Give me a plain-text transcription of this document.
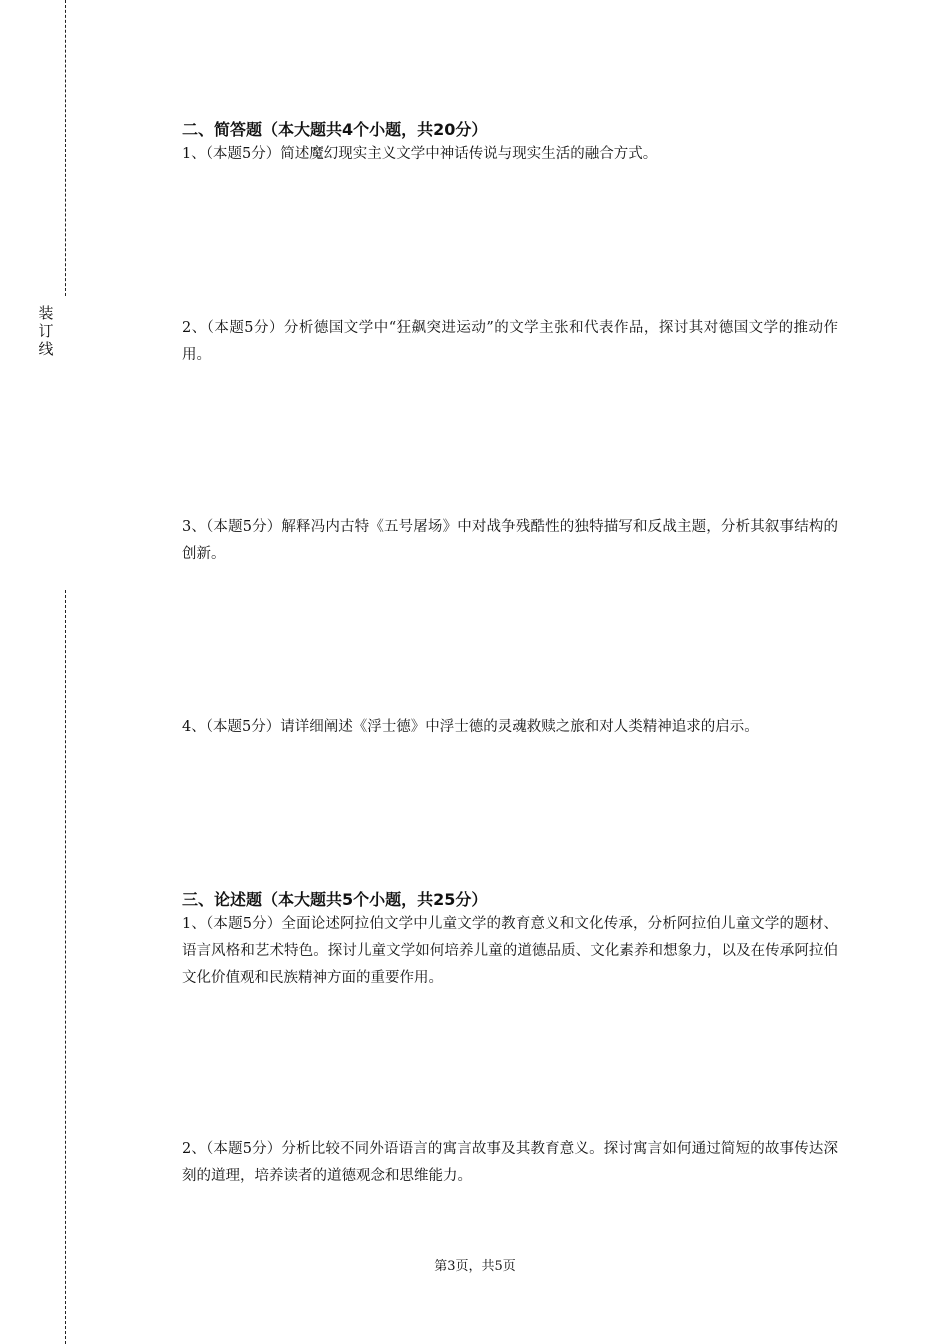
装
订
线
二、简答题（本大题共4个小题，共20分）
1、（本题5分）简述魔幻现实主义文学中神话传说与现实生活的融合方式。
2、（本题5分）分析德国文学中“狂飙突进运动”的文学主张和代表作品，探讨其对德国文学的推动作用。
3、（本题5分）解释冯内古特《五号屠场》中对战争残酷性的独特描写和反战主题，分析其叙事结构的创新。
4、（本题5分）请详细阐述《浮士德》中浮士德的灵魂救赎之旅和对人类精神追求的启示。
三、论述题（本大题共5个小题，共25分）
1、（本题5分）全面论述阿拉伯文学中儿童文学的教育意义和文化传承，分析阿拉伯儿童文学的题材、语言风格和艺术特色。探讨儿童文学如何培养儿童的道德品质、文化素养和想象力，以及在传承阿拉伯文化价值观和民族精神方面的重要作用。
2、（本题5分）分析比较不同外语语言的寓言故事及其教育意义。探讨寓言如何通过简短的故事传达深刻的道理，培养读者的道德观念和思维能力。
第3页，共5页
